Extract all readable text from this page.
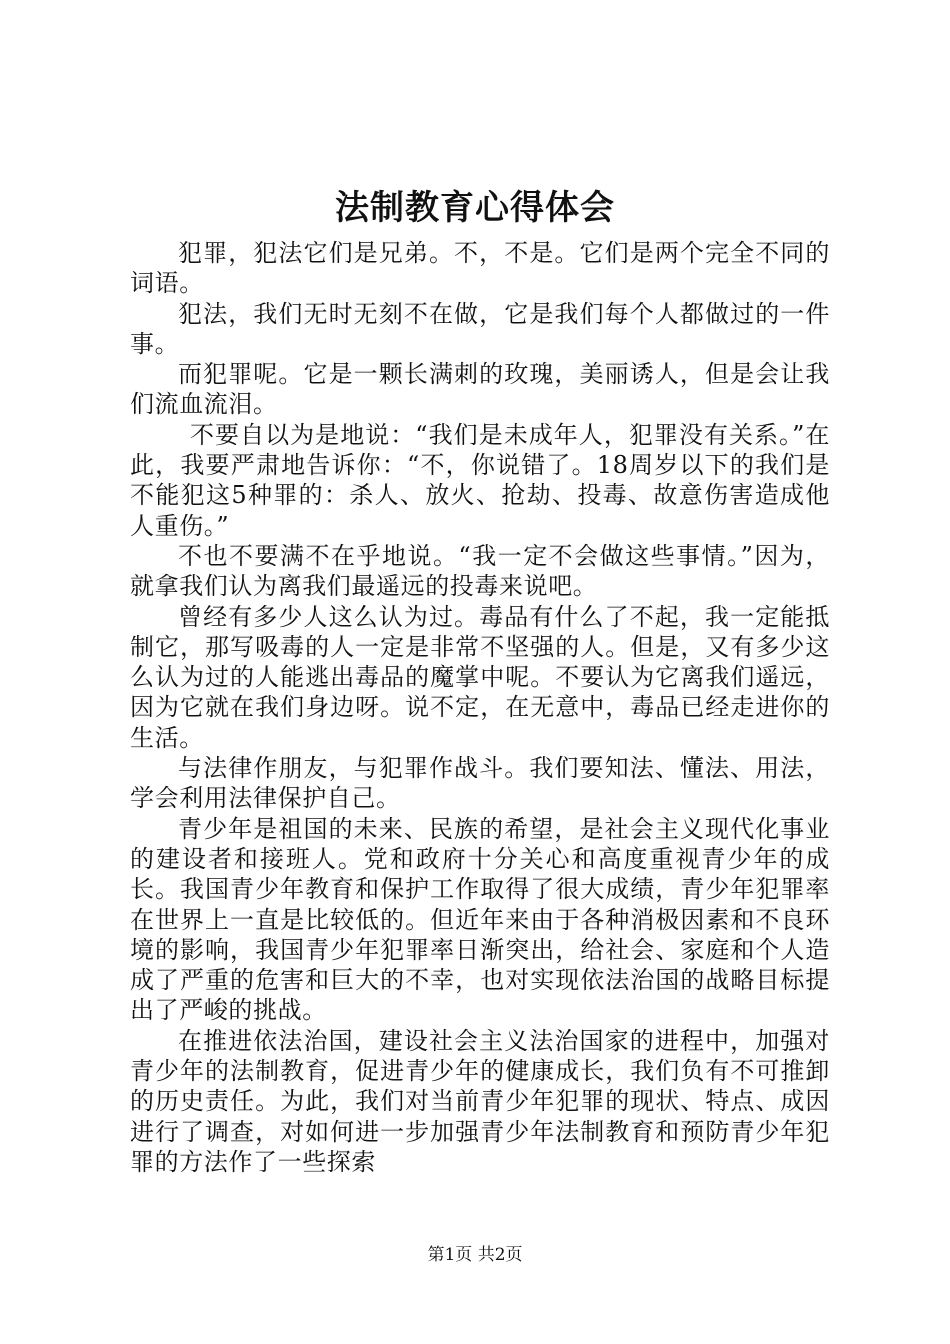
法制教育心得体会

犯罪，犯法它们是兄弟。不，不是。它们是两个完全不同的词语。

犯法，我们无时无刻不在做，它是我们每个人都做过的一件事。

而犯罪呢。它是一颗长满刺的玫瑰，美丽诱人，但是会让我们流血流泪。

不要自以为是地说：“我们是未成年人，犯罪没有关系。”在此，我要严肃地告诉你：“不，你说错了。18周岁以下的我们是不能犯这5种罪的：杀人、放火、抢劫、投毒、故意伤害造成他人重伤。”

不也不要满不在乎地说。“我一定不会做这些事情。”因为，就拿我们认为离我们最遥远的投毒来说吧。

曾经有多少人这么认为过。毒品有什么了不起，我一定能抵制它，那写吸毒的人一定是非常不坚强的人。但是，又有多少这么认为过的人能逃出毒品的魔掌中呢。不要认为它离我们遥远，因为它就在我们身边呀。说不定，在无意中，毒品已经走进你的生活。

与法律作朋友，与犯罪作战斗。我们要知法、懂法、用法，学会利用法律保护自己。

青少年是祖国的未来、民族的希望，是社会主义现代化事业的建设者和接班人。党和政府十分关心和高度重视青少年的成长。我国青少年教育和保护工作取得了很大成绩，青少年犯罪率在世界上一直是比较低的。但近年来由于各种消极因素和不良环境的影响，我国青少年犯罪率日渐突出，给社会、家庭和个人造成了严重的危害和巨大的不幸，也对实现依法治国的战略目标提出了严峻的挑战。

在推进依法治国，建设社会主义法治国家的进程中，加强对青少年的法制教育，促进青少年的健康成长，我们负有不可推卸的历史责任。为此，我们对当前青少年犯罪的现状、特点、成因进行了调查，对如何进一步加强青少年法制教育和预防青少年犯罪的方法作了一些探索

第1页 共2页
